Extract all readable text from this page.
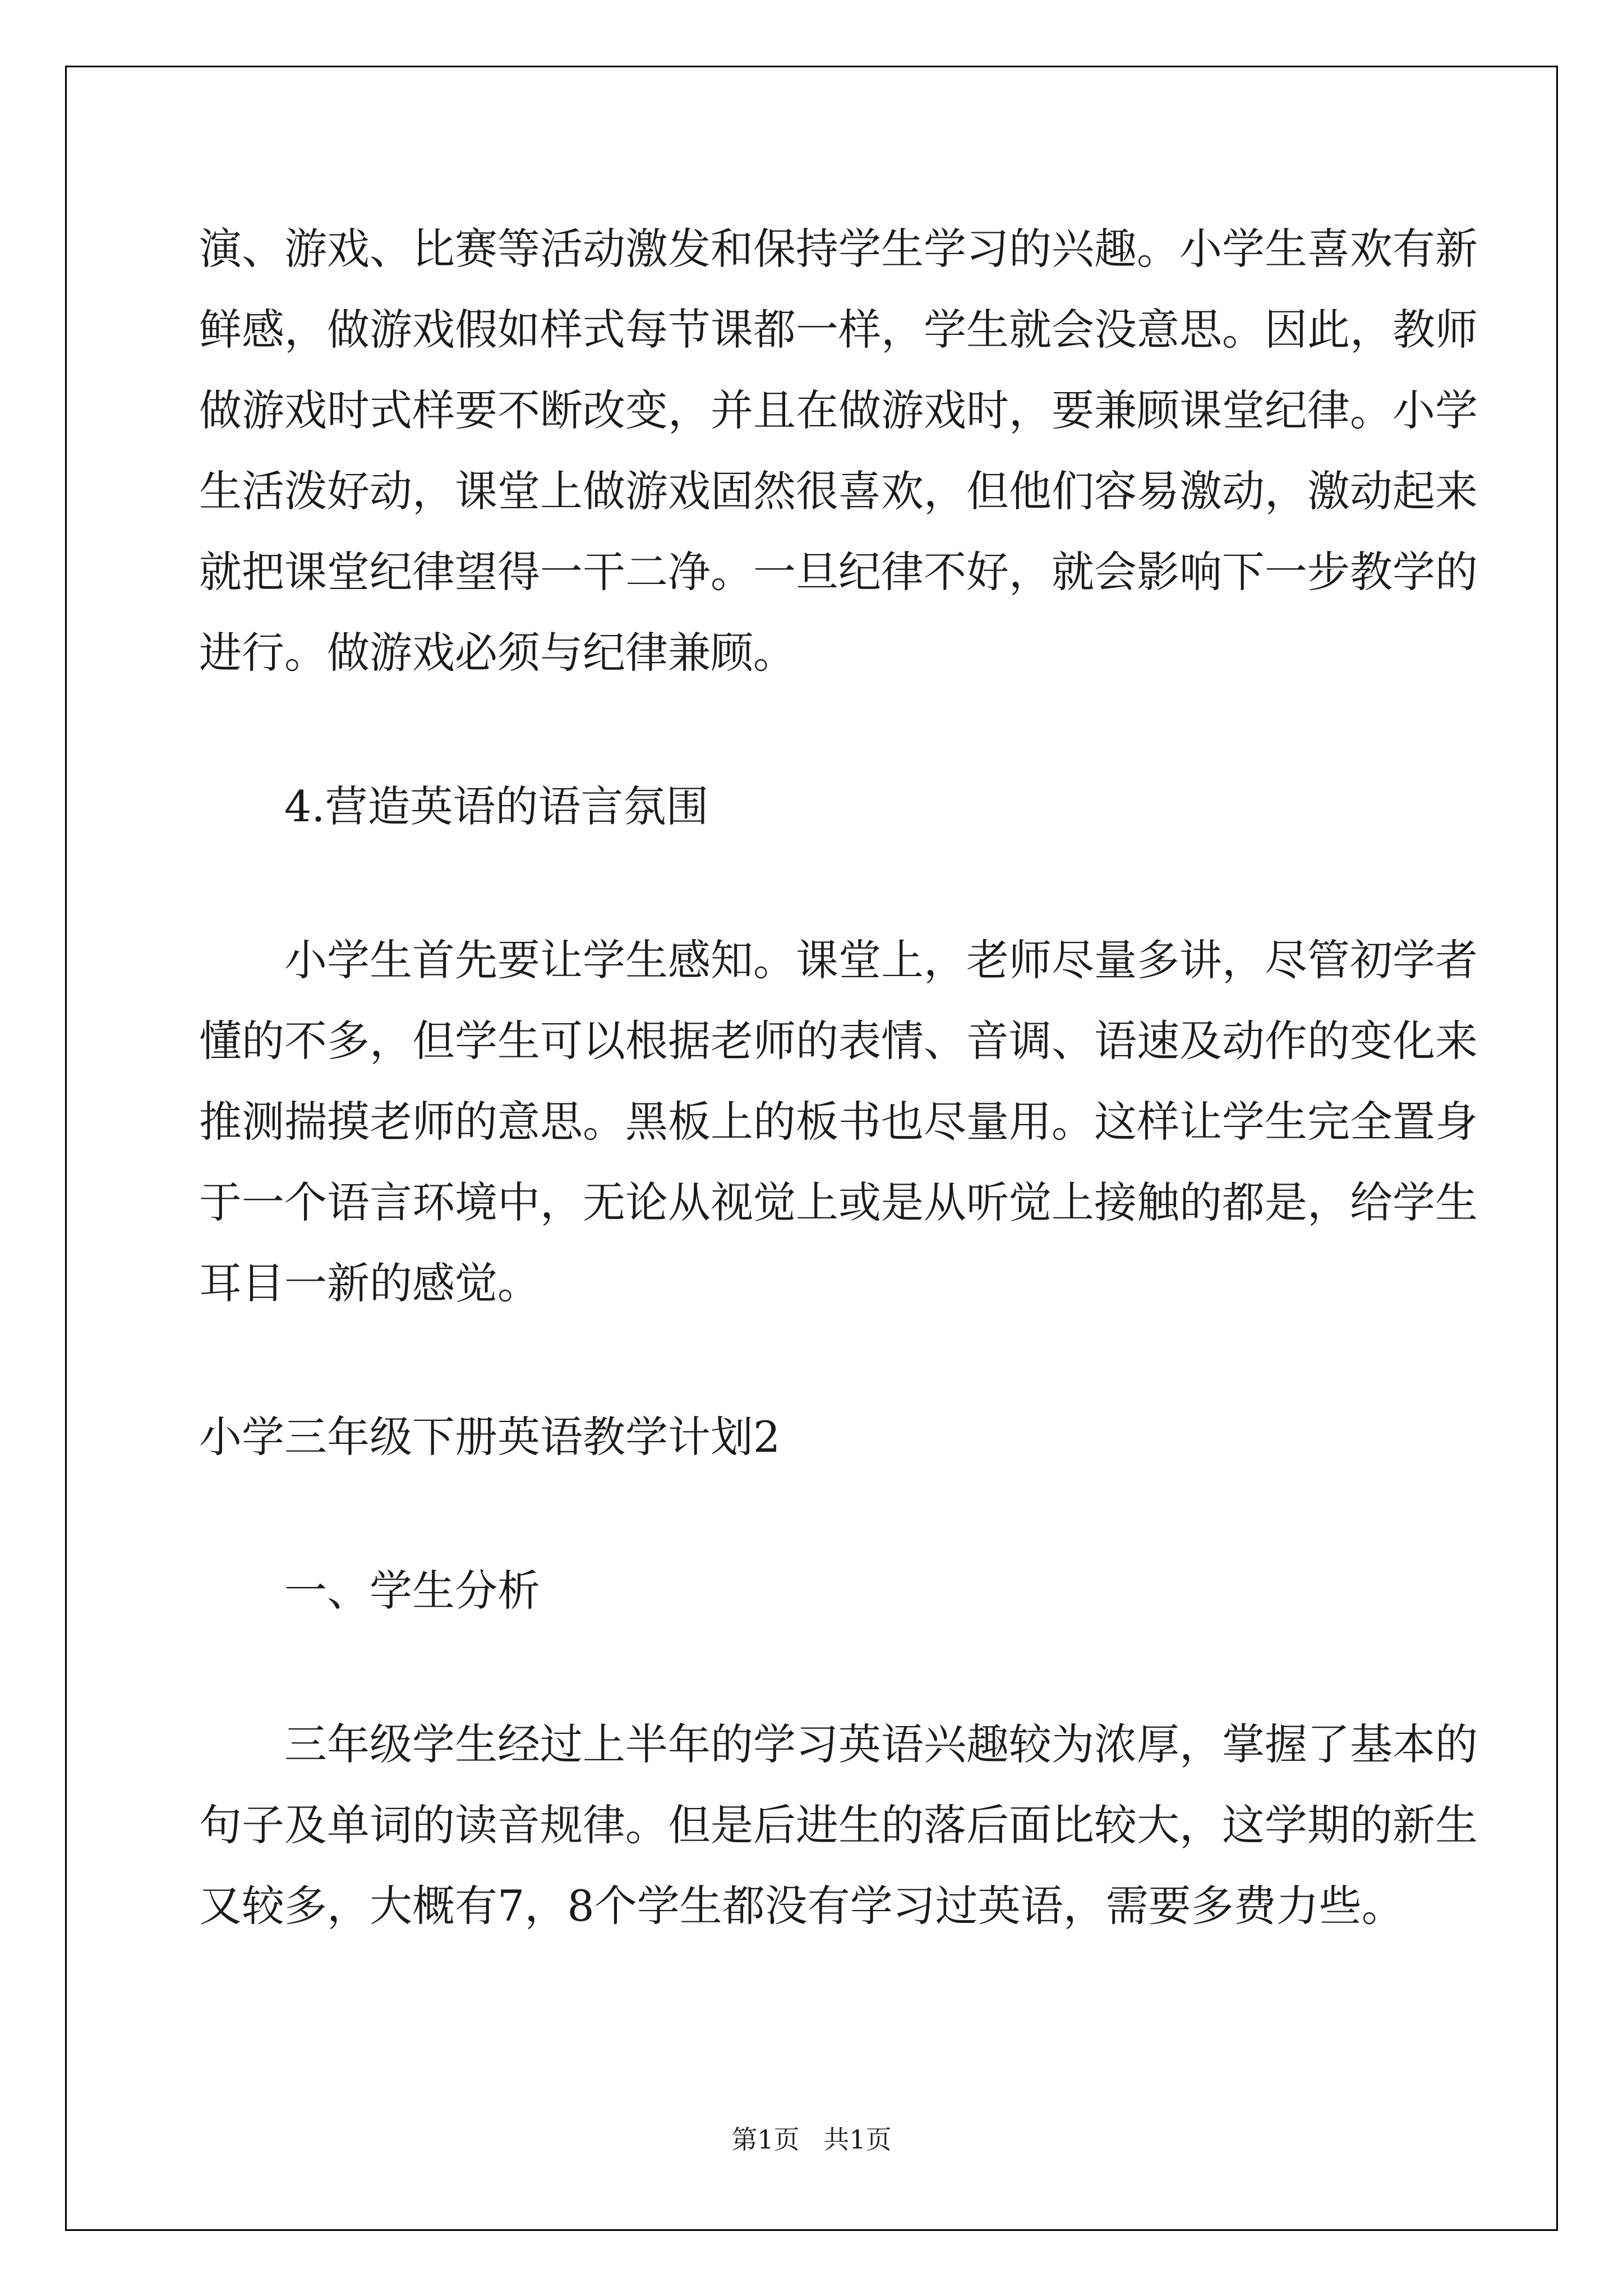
演、游戏、比赛等活动激发和保持学生学习的兴趣。小学生喜欢有新
鲜感，做游戏假如样式每节课都一样，学生就会没意思。因此，教师
做游戏时式样要不断改变，并且在做游戏时，要兼顾课堂纪律。小学
生活泼好动，课堂上做游戏固然很喜欢，但他们容易激动，激动起来
就把课堂纪律望得一干二净。一旦纪律不好，就会影响下一步教学的
进行。做游戏必须与纪律兼顾。
4.营造英语的语言氛围
小学生首先要让学生感知。课堂上，老师尽量多讲，尽管初学者
懂的不多，但学生可以根据老师的表情、音调、语速及动作的变化来
推测揣摸老师的意思。黑板上的板书也尽量用。这样让学生完全置身
于一个语言环境中，无论从视觉上或是从听觉上接触的都是，给学生
耳目一新的感觉。
小学三年级下册英语教学计划2
一、学生分析
三年级学生经过上半年的学习英语兴趣较为浓厚，掌握了基本的
句子及单词的读音规律。但是后进生的落后面比较大，这学期的新生
又较多，大概有7，8个学生都没有学习过英语，需要多费力些。
第1页 共1页
